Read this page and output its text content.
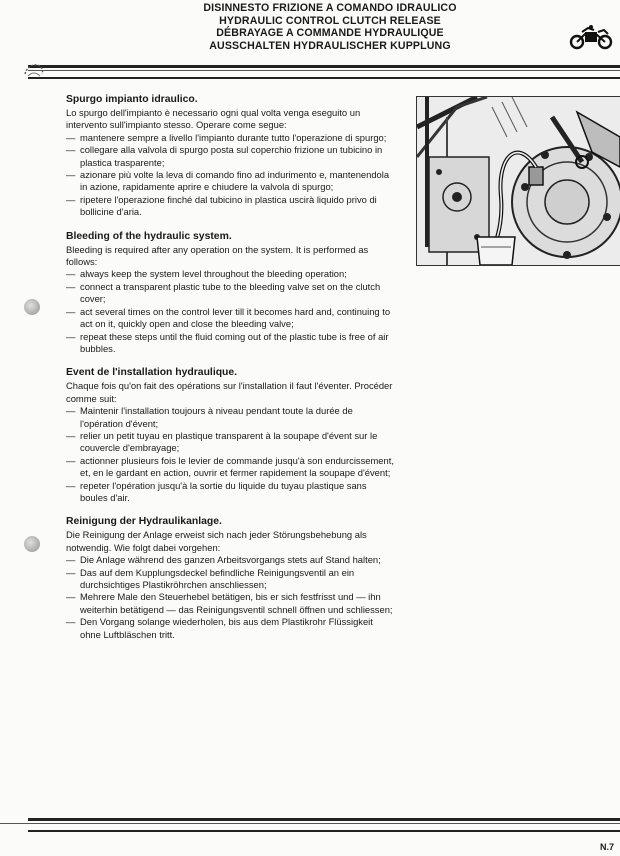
DISINNESTO FRIZIONE A COMANDO IDRAULICO
HYDRAULIC CONTROL CLUTCH RELEASE
DÉBRAYAGE A COMMANDE HYDRAULIQUE
AUSSCHALTEN HYDRAULISCHER KUPPLUNG
Spurgo impianto idraulico.

Lo spurgo dell'impianto è necessario ogni qual volta venga eseguito un intervento sull'impianto stesso. Operare come segue:

— mantenere sempre a livello l'impianto durante tutto l'operazione di spurgo;
— collegare alla valvola di spurgo posta sul coperchio frizione un tubicino in plastica trasparente;
— azionare più volte la leva di comando fino ad indurimento e, mantenendola in azione, rapidamente aprire e chiudere la valvola di spurgo;
— ripetere l'operazione finché dal tubicino in plastica uscirà liquido privo di bollicine d'aria.
Bleeding of the hydraulic system.

Bleeding is required after any operation on the system. It is performed as follows:

— always keep the system level throughout the bleeding operation;
— connect a transparent plastic tube to the bleeding valve set on the clutch cover;
— act several times on the control lever till it becomes hard and, continuing to act on it, quickly open and close the bleeding valve;
— repeat these steps until the fluid coming out of the plastic tube is free of air bubbles.
Event de l'installation hydraulique.

Chaque fois qu'on fait des opérations sur l'installation il faut l'éventer. Procéder comme suit:

— Maintenir l'installation toujours à niveau pendant toute la durée de l'opération d'évent;
— relier un petit tuyau en plastique transparent à la soupape d'évent sur le couvercle d'embrayage;
— actionner plusieurs fois le levier de commande jusqu'à son endurcissement, et, en le gardant en action, ouvrir et fermer rapidement la soupape d'évent;
— repeter l'opération jusqu'à la sortie du liquide du tuyau plastique sans boules d'air.
Reinigung der Hydraulikanlage.

Die Reinigung der Anlage erweist sich nach jeder Störungsbehebung als notwendig. Wie folgt dabei vorgehen:

— Die Anlage während des ganzen Arbeitsvorgangs stets auf Stand halten;
— Das auf dem Kupplungsdeckel befindliche Reinigungsventil an ein durchsichtiges Plastikröhrchen anschliessen;
— Mehrere Male den Steuerhebel betätigen, bis er sich festfrisst und — ihn weiterhin betätigend — das Reinigungsventil schnell öffnen und schliessen;
— Den Vorgang solange wiederholen, bis aus dem Plastikrohr Flüssigkeit ohne Luftbläschen tritt.
N.7
